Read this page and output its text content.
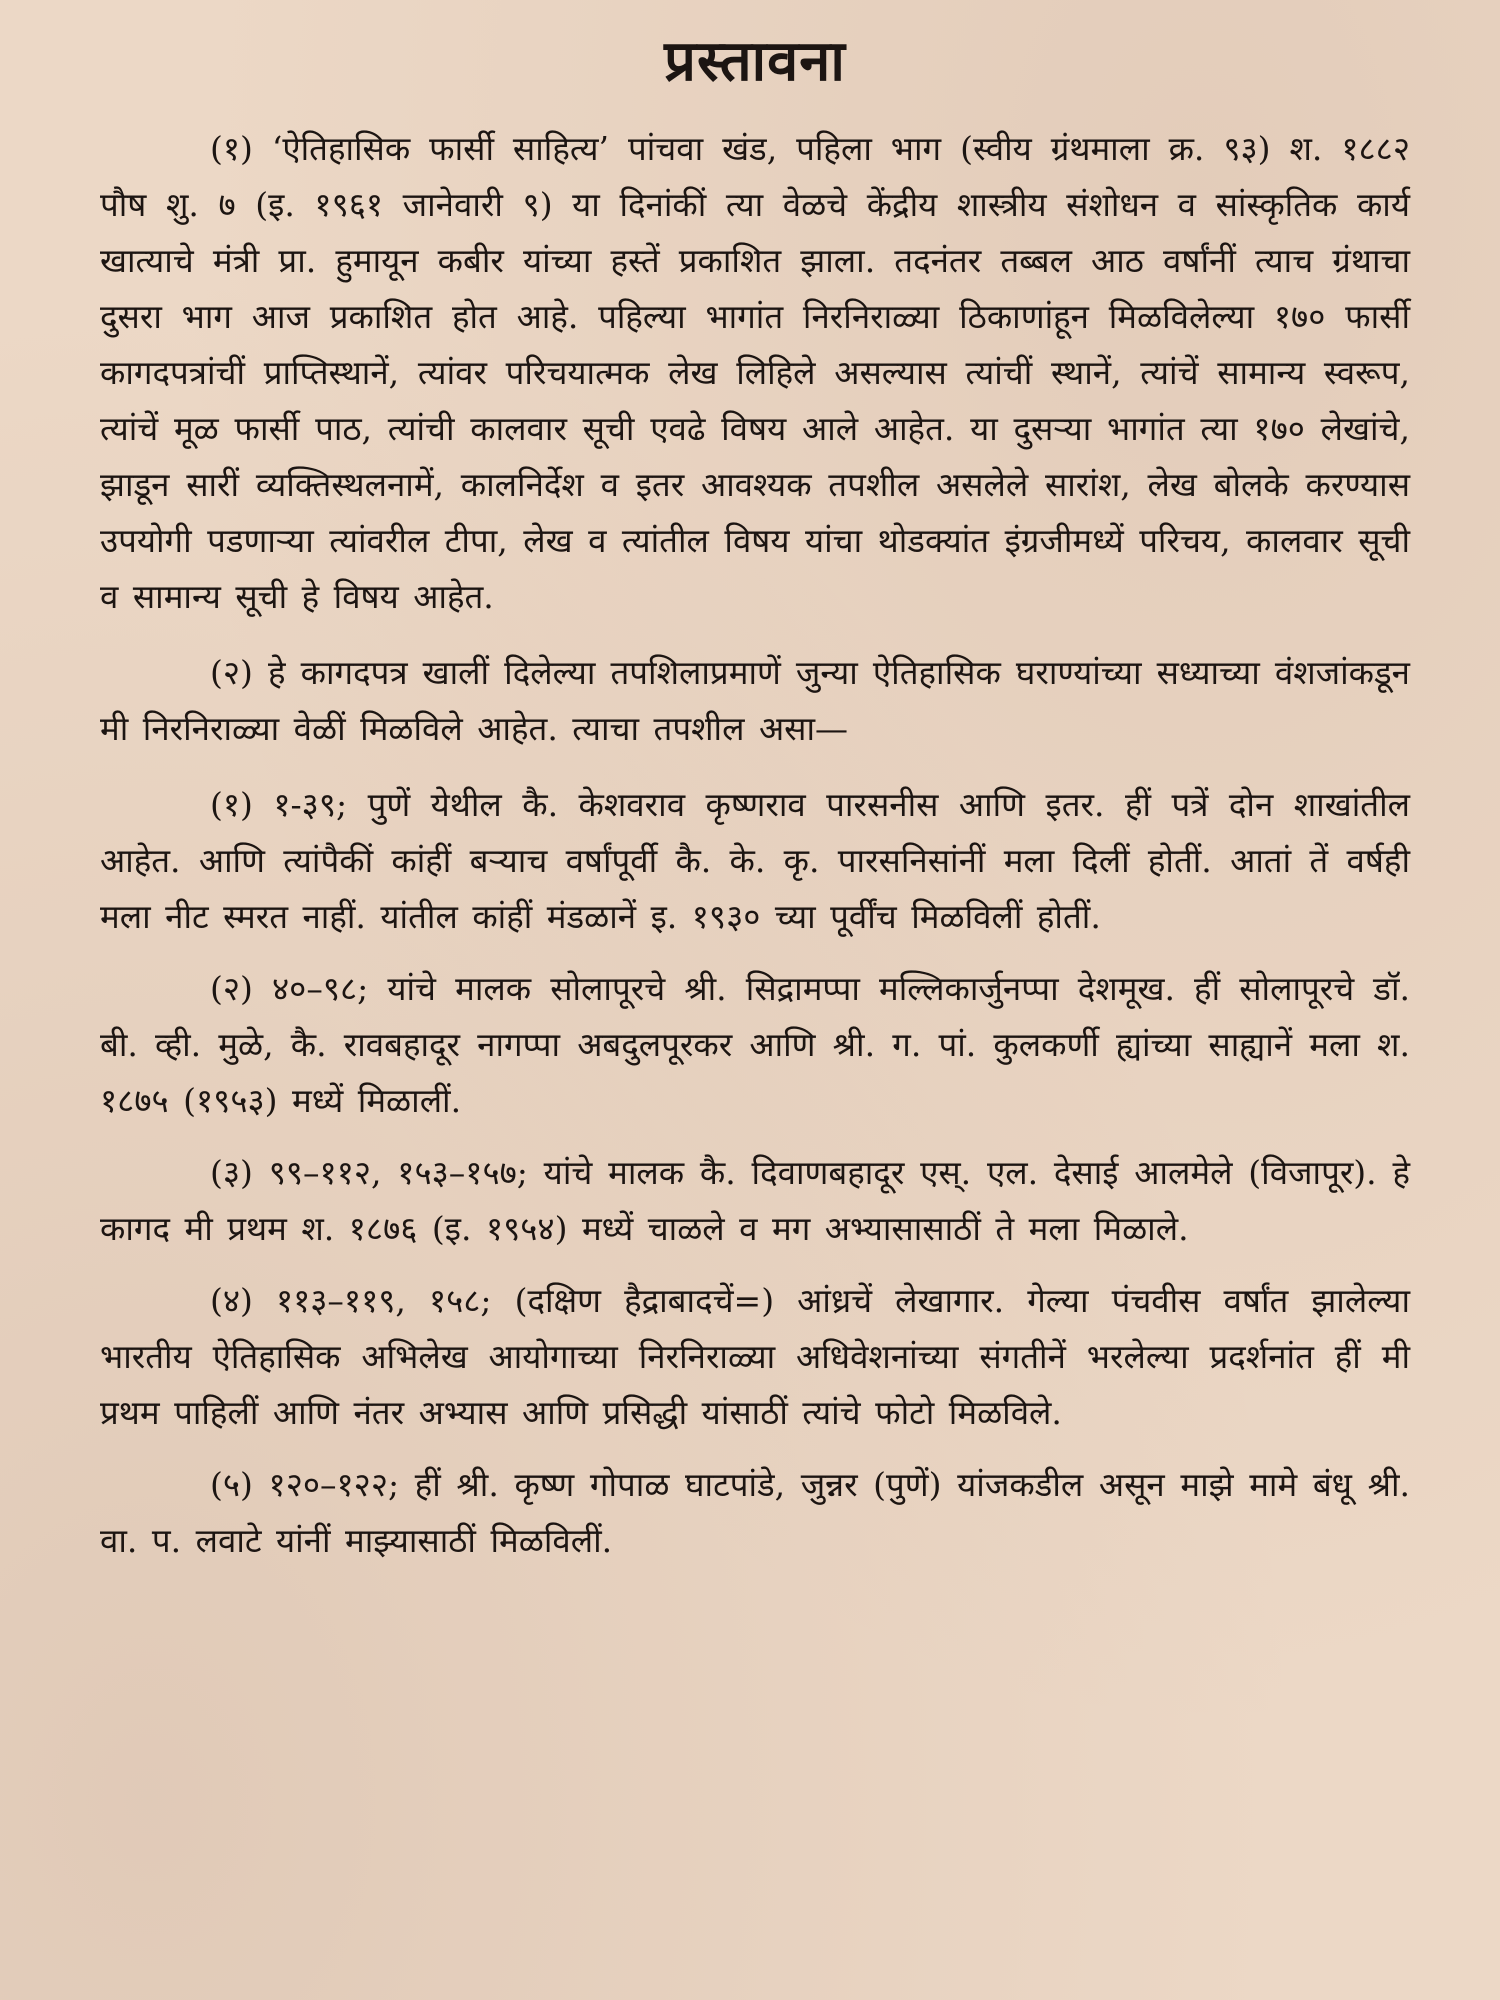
प्रस्तावना

(१) ‘ऐतिहासिक फार्सी साहित्य’ पांचवा खंड, पहिला भाग (स्वीय ग्रंथमाला क्र. ९३) श. १८८२ पौष शु. ७ (इ. १९६१ जानेवारी ९) या दिनांकीं त्या वेळचे केंद्रीय शास्त्रीय संशोधन व सांस्कृतिक कार्य खात्याचे मंत्री प्रा. हुमायून कबीर यांच्या हस्तें प्रकाशित झाला. तदनंतर तब्बल आठ वर्षांनीं त्याच ग्रंथाचा दुसरा भाग आज प्रकाशित होत आहे. पहिल्या भागांत निरनिराळ्या ठिकाणांहून मिळविलेल्या १७० फार्सी कागदपत्रांचीं प्राप्तिस्थानें, त्यांवर परिचयात्मक लेख लिहिले असल्यास त्यांचीं स्थानें, त्यांचें सामान्य स्वरूप, त्यांचें मूळ फार्सी पाठ, त्यांची कालवार सूची एवढे विषय आले आहेत. या दुसऱ्या भागांत त्या १७० लेखांचे, झाडून सारीं व्यक्तिस्थलनामें, कालनिर्देश व इतर आवश्यक तपशील असलेले सारांश, लेख बोलके करण्यास उपयोगी पडणाऱ्या त्यांवरील टीपा, लेख व त्यांतील विषय यांचा थोडक्यांत इंग्रजीमध्यें परिचय, कालवार सूची व सामान्य सूची हे विषय आहेत.

(२) हे कागदपत्र खालीं दिलेल्या तपशिलाप्रमाणें जुन्या ऐतिहासिक घराण्यांच्या सध्याच्या वंशजांकडून मी निरनिराळ्या वेळीं मिळविले आहेत. त्याचा तपशील असा—

(१) १-३९; पुणें येथील कै. केशवराव कृष्णराव पारसनीस आणि इतर. हीं पत्रें दोन शाखांतील आहेत. आणि त्यांपैकीं कांहीं बऱ्याच वर्षांपूर्वी कै. के. कृ. पारसनिसांनीं मला दिलीं होतीं. आतां तें वर्षही मला नीट स्मरत नाहीं. यांतील कांहीं मंडळानें इ. १९३० च्या पूर्वींच मिळविलीं होतीं.

(२) ४०–९८; यांचे मालक सोलापूरचे श्री. सिद्रामप्पा मल्लिकार्जुनप्पा देशमूख. हीं सोलापूरचे डॉ. बी. व्ही. मुळे, कै. रावबहादूर नागप्पा अबदुलपूरकर आणि श्री. ग. पां. कुलकर्णी ह्यांच्या साह्यानें मला श. १८७५ (१९५३) मध्यें मिळालीं.

(३) ९९–११२, १५३–१५७; यांचे मालक कै. दिवाणबहादूर एस्. एल. देसाई आलमेले (विजापूर). हे कागद मी प्रथम श. १८७६ (इ. १९५४) मध्यें चाळले व मग अभ्यासासाठीं ते मला मिळाले.

(४) ११३–११९, १५८; (दक्षिण हैद्राबादचें=) आंध्रचें लेखागार. गेल्या पंचवीस वर्षांत झालेल्या भारतीय ऐतिहासिक अभिलेख आयोगाच्या निरनिराळ्या अधिवेशनांच्या संगतीनें भरलेल्या प्रदर्शनांत हीं मी प्रथम पाहिलीं आणि नंतर अभ्यास आणि प्रसिद्धी यांसाठीं त्यांचे फोटो मिळविले.

(५) १२०–१२२; हीं श्री. कृष्ण गोपाळ घाटपांडे, जुन्नर (पुणें) यांजकडील असून माझे मामे बंधू श्री. वा. प. लवाटे यांनीं माझ्यासाठीं मिळविलीं.
